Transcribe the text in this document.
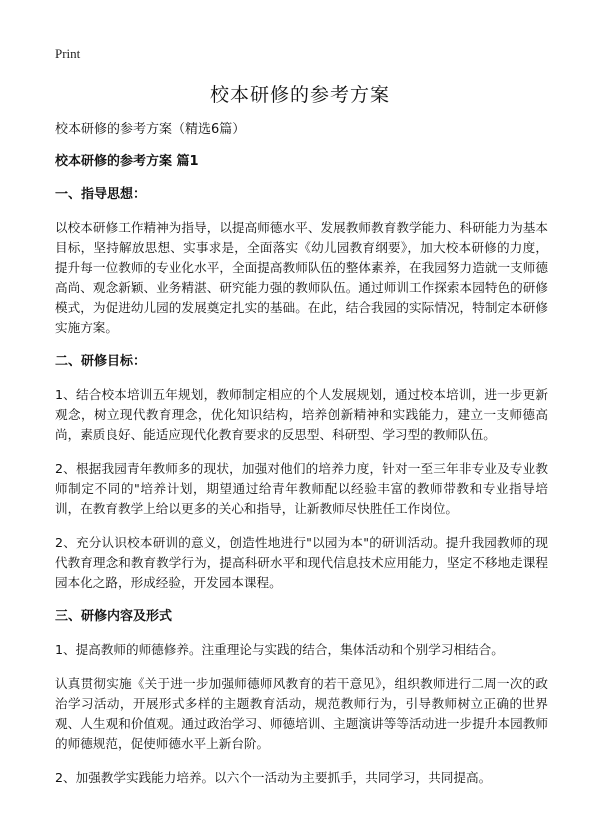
Print
校本研修的参考方案
校本研修的参考方案（精选6篇）
校本研修的参考方案 篇1
一、指导思想：

以校本研修工作精神为指导，以提高师德水平、发展教师教育教学能力、科研能力为基本目标，坚持解放思想、实事求是，全面落实《幼儿园教育纲要》，加大校本研修的力度，提升每一位教师的专业化水平，全面提高教师队伍的整体素养，在我园努力造就一支师德高尚、观念新颖、业务精湛、研究能力强的教师队伍。通过师训工作探索本园特色的研修模式，为促进幼儿园的发展奠定扎实的基础。在此，结合我园的实际情况，特制定本研修实施方案。

二、研修目标：

1、结合校本培训五年规划，教师制定相应的个人发展规划，通过校本培训，进一步更新观念，树立现代教育理念，优化知识结构，培养创新精神和实践能力，建立一支师德高尚，素质良好、能适应现代化教育要求的反思型、科研型、学习型的教师队伍。

2、根据我园青年教师多的现状，加强对他们的培养力度，针对一至三年非专业及专业教师制定不同的"培养计划，期望通过给青年教师配以经验丰富的教师带教和专业指导培训，在教育教学上给以更多的关心和指导，让新教师尽快胜任工作岗位。

2、充分认识校本研训的意义，创造性地进行"以园为本"的研训活动。提升我园教师的现代教育理念和教育教学行为，提高科研水平和现代信息技术应用能力，坚定不移地走课程园本化之路，形成经验，开发园本课程。

三、研修内容及形式

1、提高教师的师德修养。注重理论与实践的结合，集体活动和个别学习相结合。

认真贯彻实施《关于进一步加强师德师风教育的若干意见》，组织教师进行二周一次的政治学习活动，开展形式多样的主题教育活动，规范教师行为，引导教师树立正确的世界观、人生观和价值观。通过政治学习、师德培训、主题演讲等等活动进一步提升本园教师的师德规范，促使师德水平上新台阶。

2、加强教学实践能力培养。以六个一活动为主要抓手，共同学习，共同提高。
